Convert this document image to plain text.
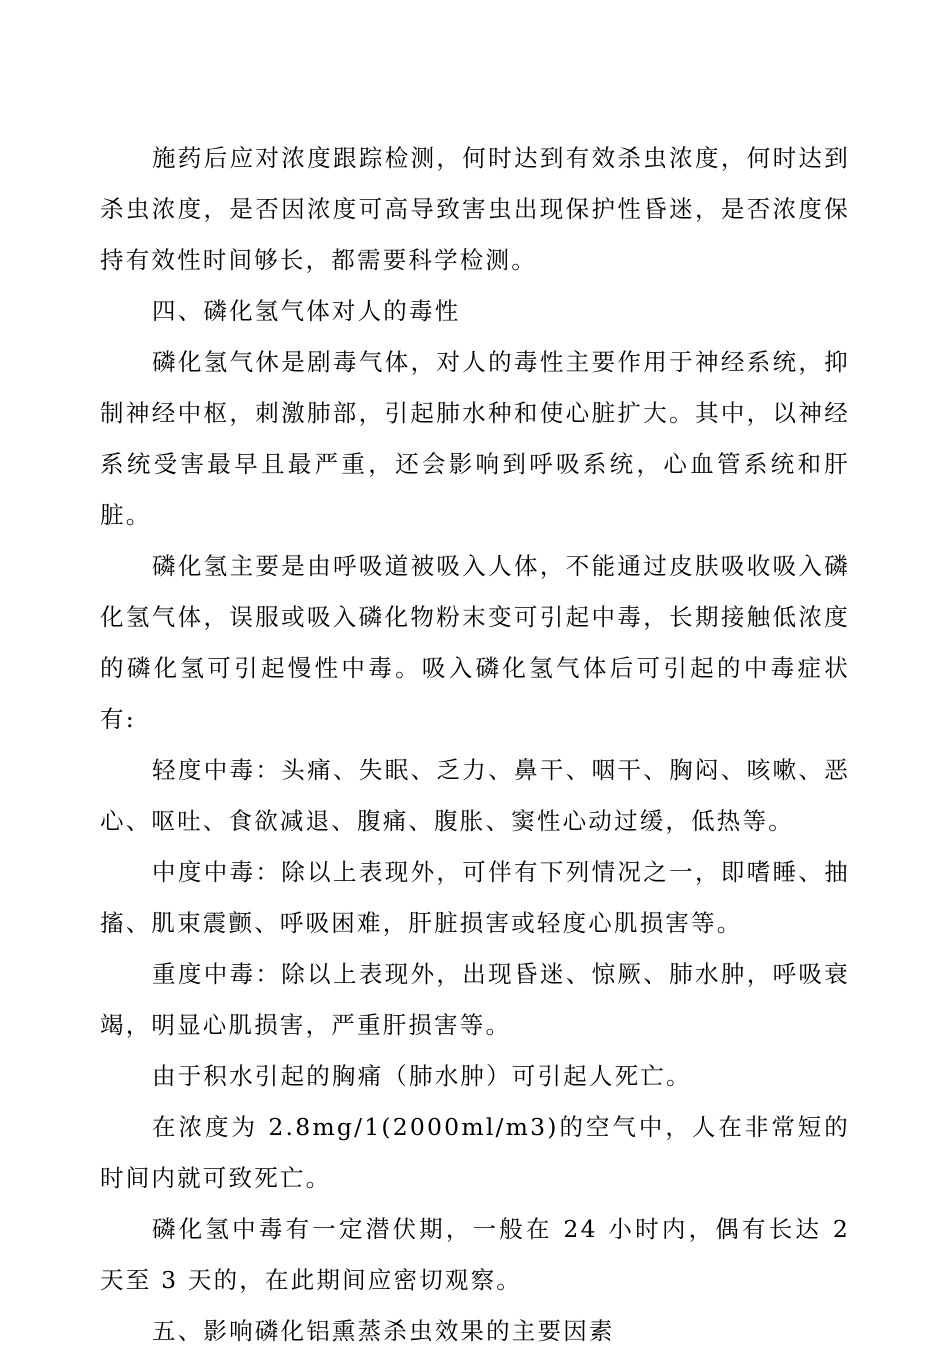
施药后应对浓度跟踪检测，何时达到有效杀虫浓度，何时达到杀虫浓度，是否因浓度可高导致害虫出现保护性昏迷，是否浓度保持有效性时间够长，都需要科学检测。

四、磷化氢气体对人的毒性

磷化氢气休是剧毒气体，对人的毒性主要作用于神经系统，抑制神经中枢，刺激肺部，引起肺水种和使心脏扩大。其中，以神经系统受害最早且最严重，还会影响到呼吸系统，心血管系统和肝脏。

磷化氢主要是由呼吸道被吸入人体，不能通过皮肤吸收吸入磷化氢气体，误服或吸入磷化物粉末变可引起中毒，长期接触低浓度的磷化氢可引起慢性中毒。吸入磷化氢气体后可引起的中毒症状有:

轻度中毒：头痛、失眠、乏力、鼻干、咽干、胸闷、咳嗽、恶心、呕吐、食欲减退、腹痛、腹胀、窦性心动过缓，低热等。

中度中毒：除以上表现外，可伴有下列情况之一，即嗜睡、抽搐、肌束震颤、呼吸困难，肝脏损害或轻度心肌损害等。

重度中毒：除以上表现外，出现昏迷、惊厥、肺水肿，呼吸衰竭，明显心肌损害，严重肝损害等。

由于积水引起的胸痛（肺水肿）可引起人死亡。

在浓度为 2.8mg/1(2000ml/m3)的空气中，人在非常短的时间内就可致死亡。

磷化氢中毒有一定潜伏期，一般在 24 小时内，偶有长达 2 天至 3 天的，在此期间应密切观察。

五、影响磷化铝熏蒸杀虫效果的主要因素
